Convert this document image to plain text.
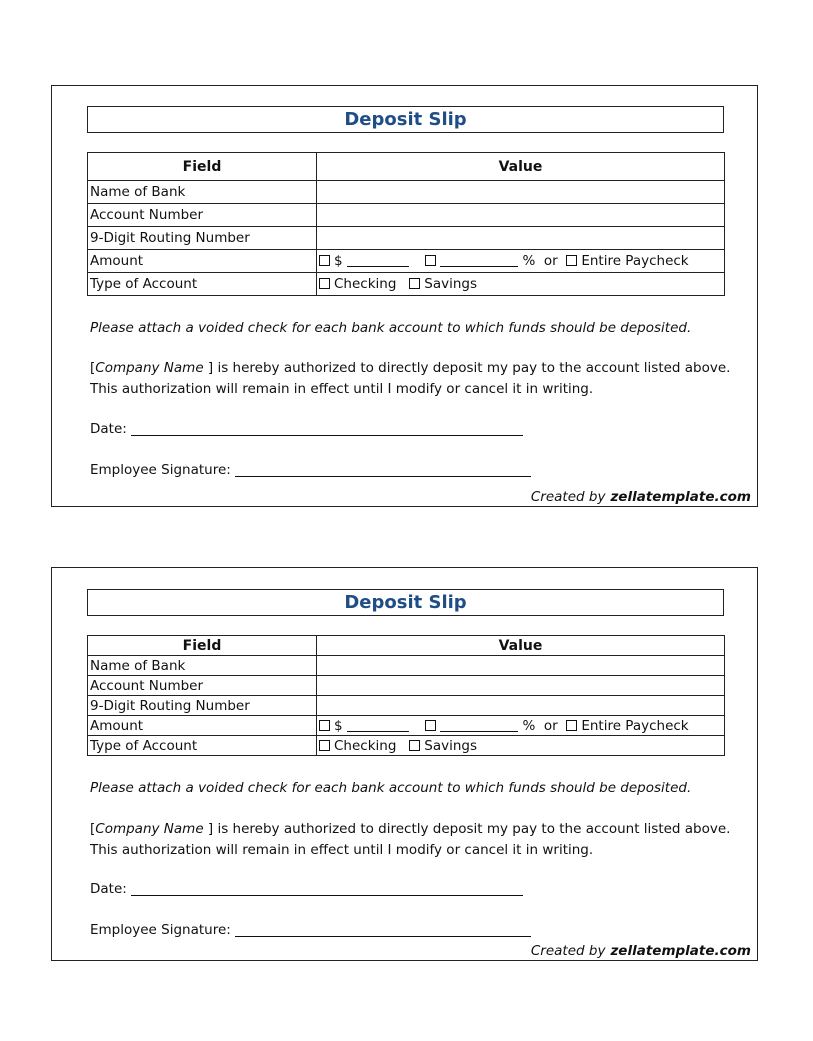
Deposit Slip
Field	Value
Name of Bank	
Account Number	
9-Digit Routing Number	
Amount	$ % or Entire Paycheck
Type of Account	Checking Savings
Please attach a voided check for each bank account to which funds should be deposited.
[Company Name ] is hereby authorized to directly deposit my pay to the account listed above.
This authorization will remain in effect until I modify or cancel it in writing.
Date:
Employee Signature:
Created by zellatemplate.com
Deposit Slip
Field	Value
Name of Bank	
Account Number	
9-Digit Routing Number	
Amount	$ % or Entire Paycheck
Type of Account	Checking Savings
Please attach a voided check for each bank account to which funds should be deposited.
[Company Name ] is hereby authorized to directly deposit my pay to the account listed above.
This authorization will remain in effect until I modify or cancel it in writing.
Date:
Employee Signature:
Created by zellatemplate.com
